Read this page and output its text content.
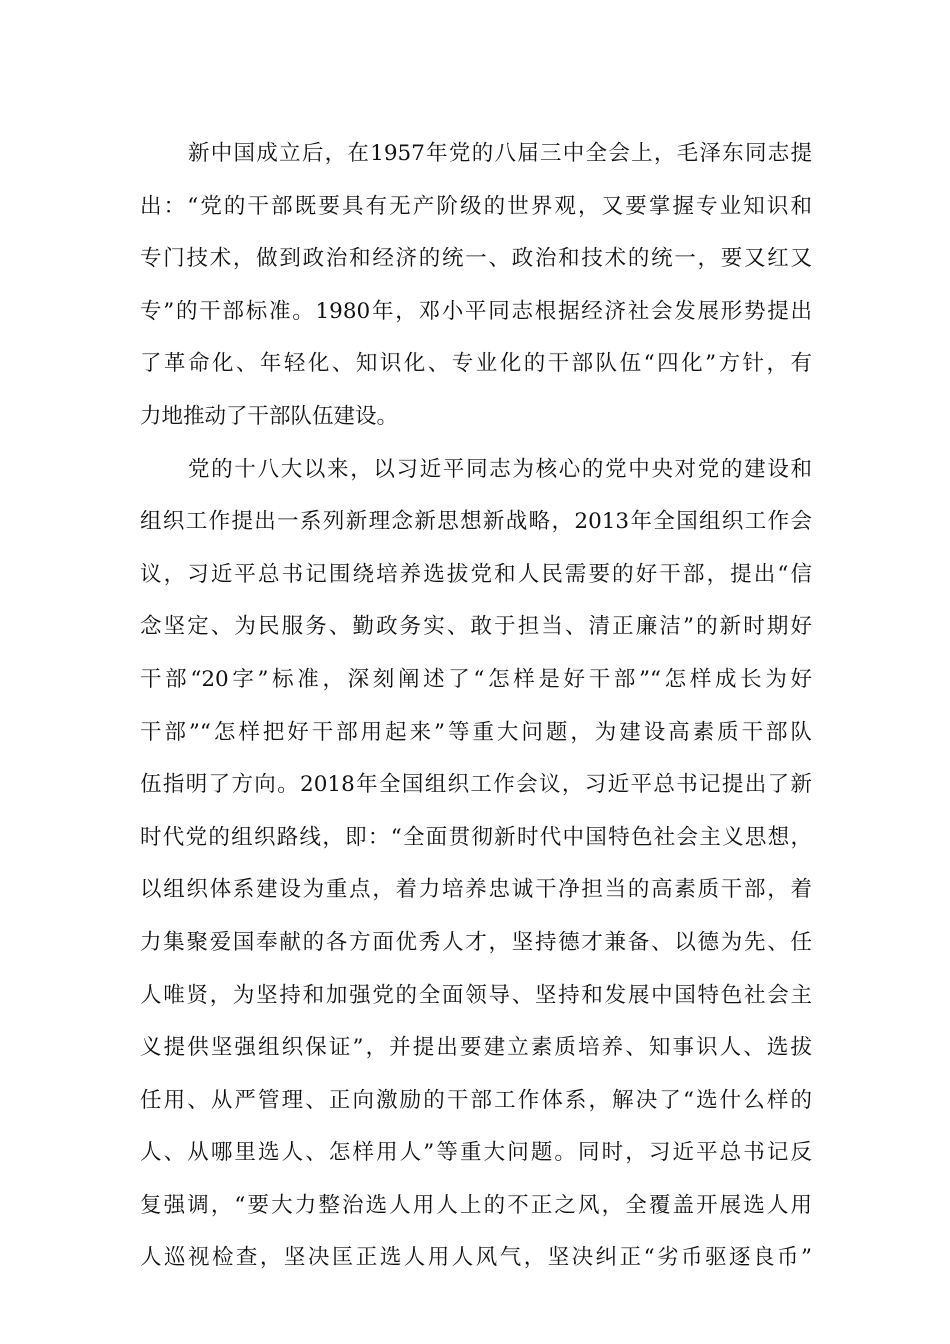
新中国成立后，在1957年党的八届三中全会上，毛泽东同志提
出：“党的干部既要具有无产阶级的世界观，又要掌握专业知识和
专门技术，做到政治和经济的统一、政治和技术的统一，要又红又
专”的干部标准。1980年，邓小平同志根据经济社会发展形势提出
了革命化、年轻化、知识化、专业化的干部队伍“四化”方针，有
力地推动了干部队伍建设。
党的十八大以来，以习近平同志为核心的党中央对党的建设和
组织工作提出一系列新理念新思想新战略，2013年全国组织工作会
议，习近平总书记围绕培养选拔党和人民需要的好干部，提出“信
念坚定、为民服务、勤政务实、敢于担当、清正廉洁”的新时期好
干部“20字”标准，深刻阐述了“怎样是好干部”“怎样成长为好
干部”“怎样把好干部用起来”等重大问题，为建设高素质干部队
伍指明了方向。2018年全国组织工作会议，习近平总书记提出了新
时代党的组织路线，即：“全面贯彻新时代中国特色社会主义思想，
以组织体系建设为重点，着力培养忠诚干净担当的高素质干部，着
力集聚爱国奉献的各方面优秀人才，坚持德才兼备、以德为先、任
人唯贤，为坚持和加强党的全面领导、坚持和发展中国特色社会主
义提供坚强组织保证”，并提出要建立素质培养、知事识人、选拔
任用、从严管理、正向激励的干部工作体系，解决了“选什么样的
人、从哪里选人、怎样用人”等重大问题。同时，习近平总书记反
复强调，“要大力整治选人用人上的不正之风，全覆盖开展选人用
人巡视检查，坚决匡正选人用人风气，坚决纠正“劣币驱逐良币”
